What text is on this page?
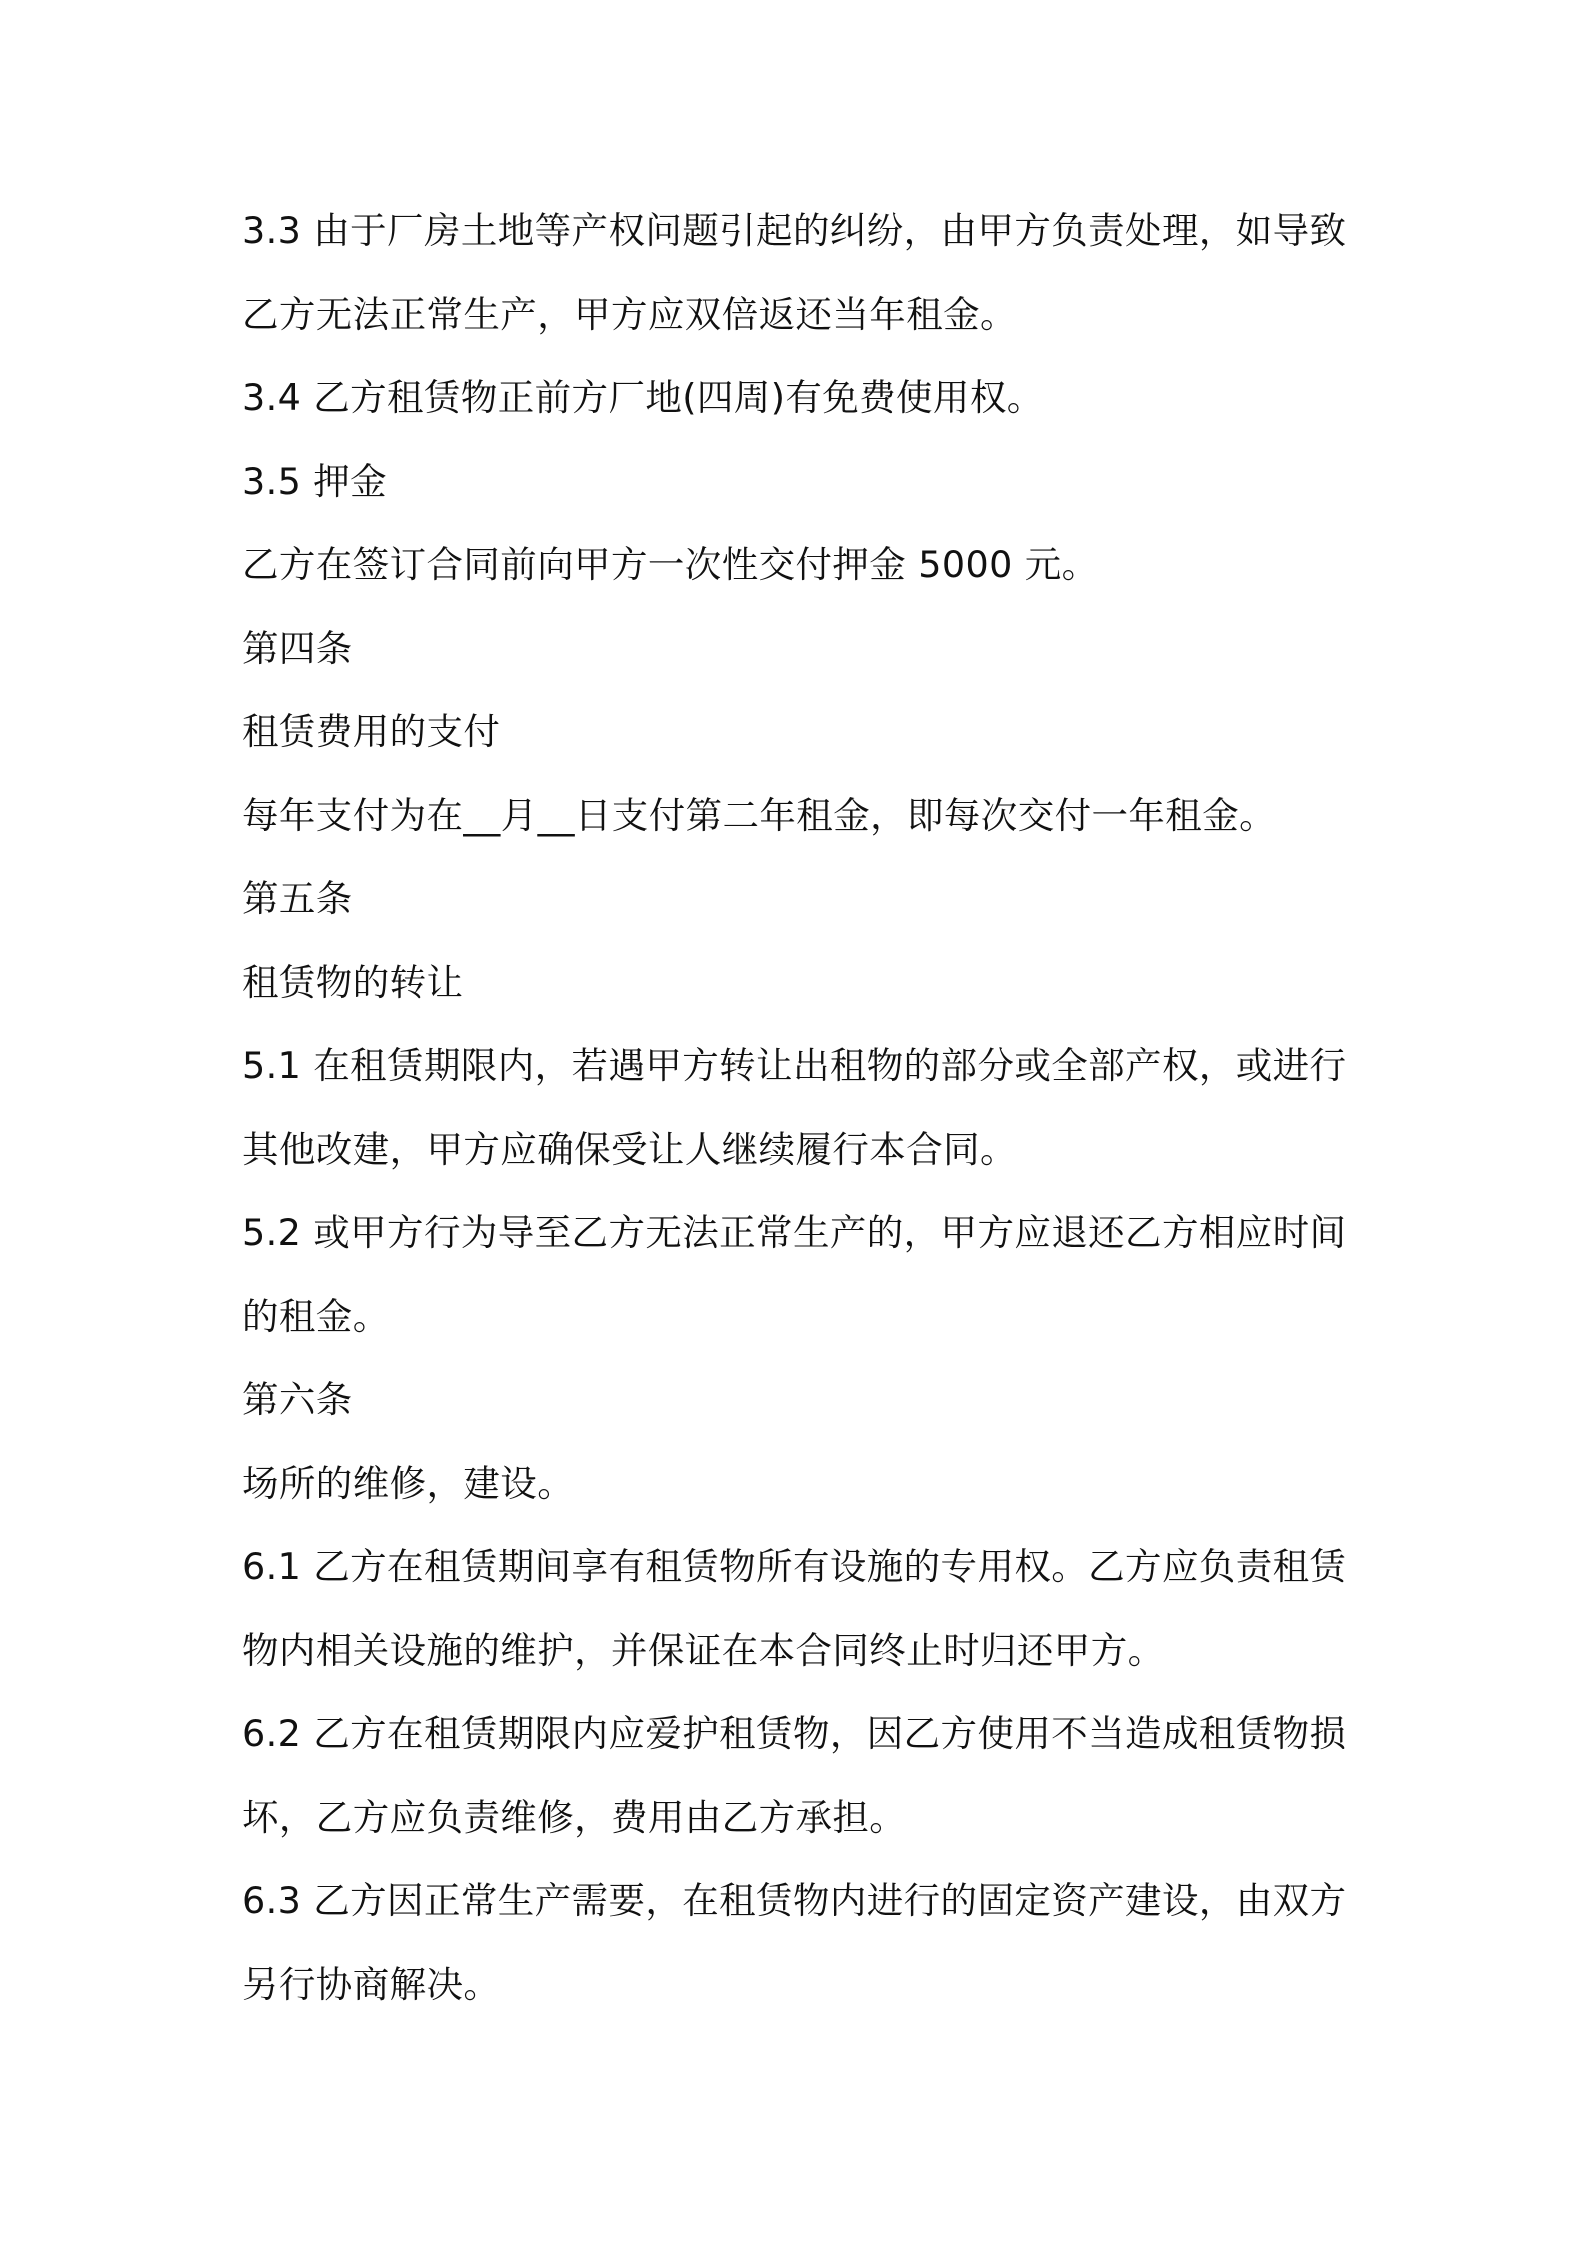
3.3 由于厂房土地等产权问题引起的纠纷，由甲方负责处理，如导致

乙方无法正常生产，甲方应双倍返还当年租金。

3.4 乙方租赁物正前方厂地(四周)有免费使用权。

3.5 押金

乙方在签订合同前向甲方一次性交付押金 5000 元。

第四条

租赁费用的支付

每年支付为在__月__日支付第二年租金，即每次交付一年租金。

第五条

租赁物的转让

5.1 在租赁期限内，若遇甲方转让出租物的部分或全部产权，或进行

其他改建，甲方应确保受让人继续履行本合同。

5.2 或甲方行为导至乙方无法正常生产的，甲方应退还乙方相应时间

的租金。

第六条

场所的维修，建设。

6.1 乙方在租赁期间享有租赁物所有设施的专用权。乙方应负责租赁

物内相关设施的维护，并保证在本合同终止时归还甲方。

6.2 乙方在租赁期限内应爱护租赁物，因乙方使用不当造成租赁物损

坏，乙方应负责维修，费用由乙方承担。

6.3 乙方因正常生产需要，在租赁物内进行的固定资产建设，由双方

另行协商解决。
